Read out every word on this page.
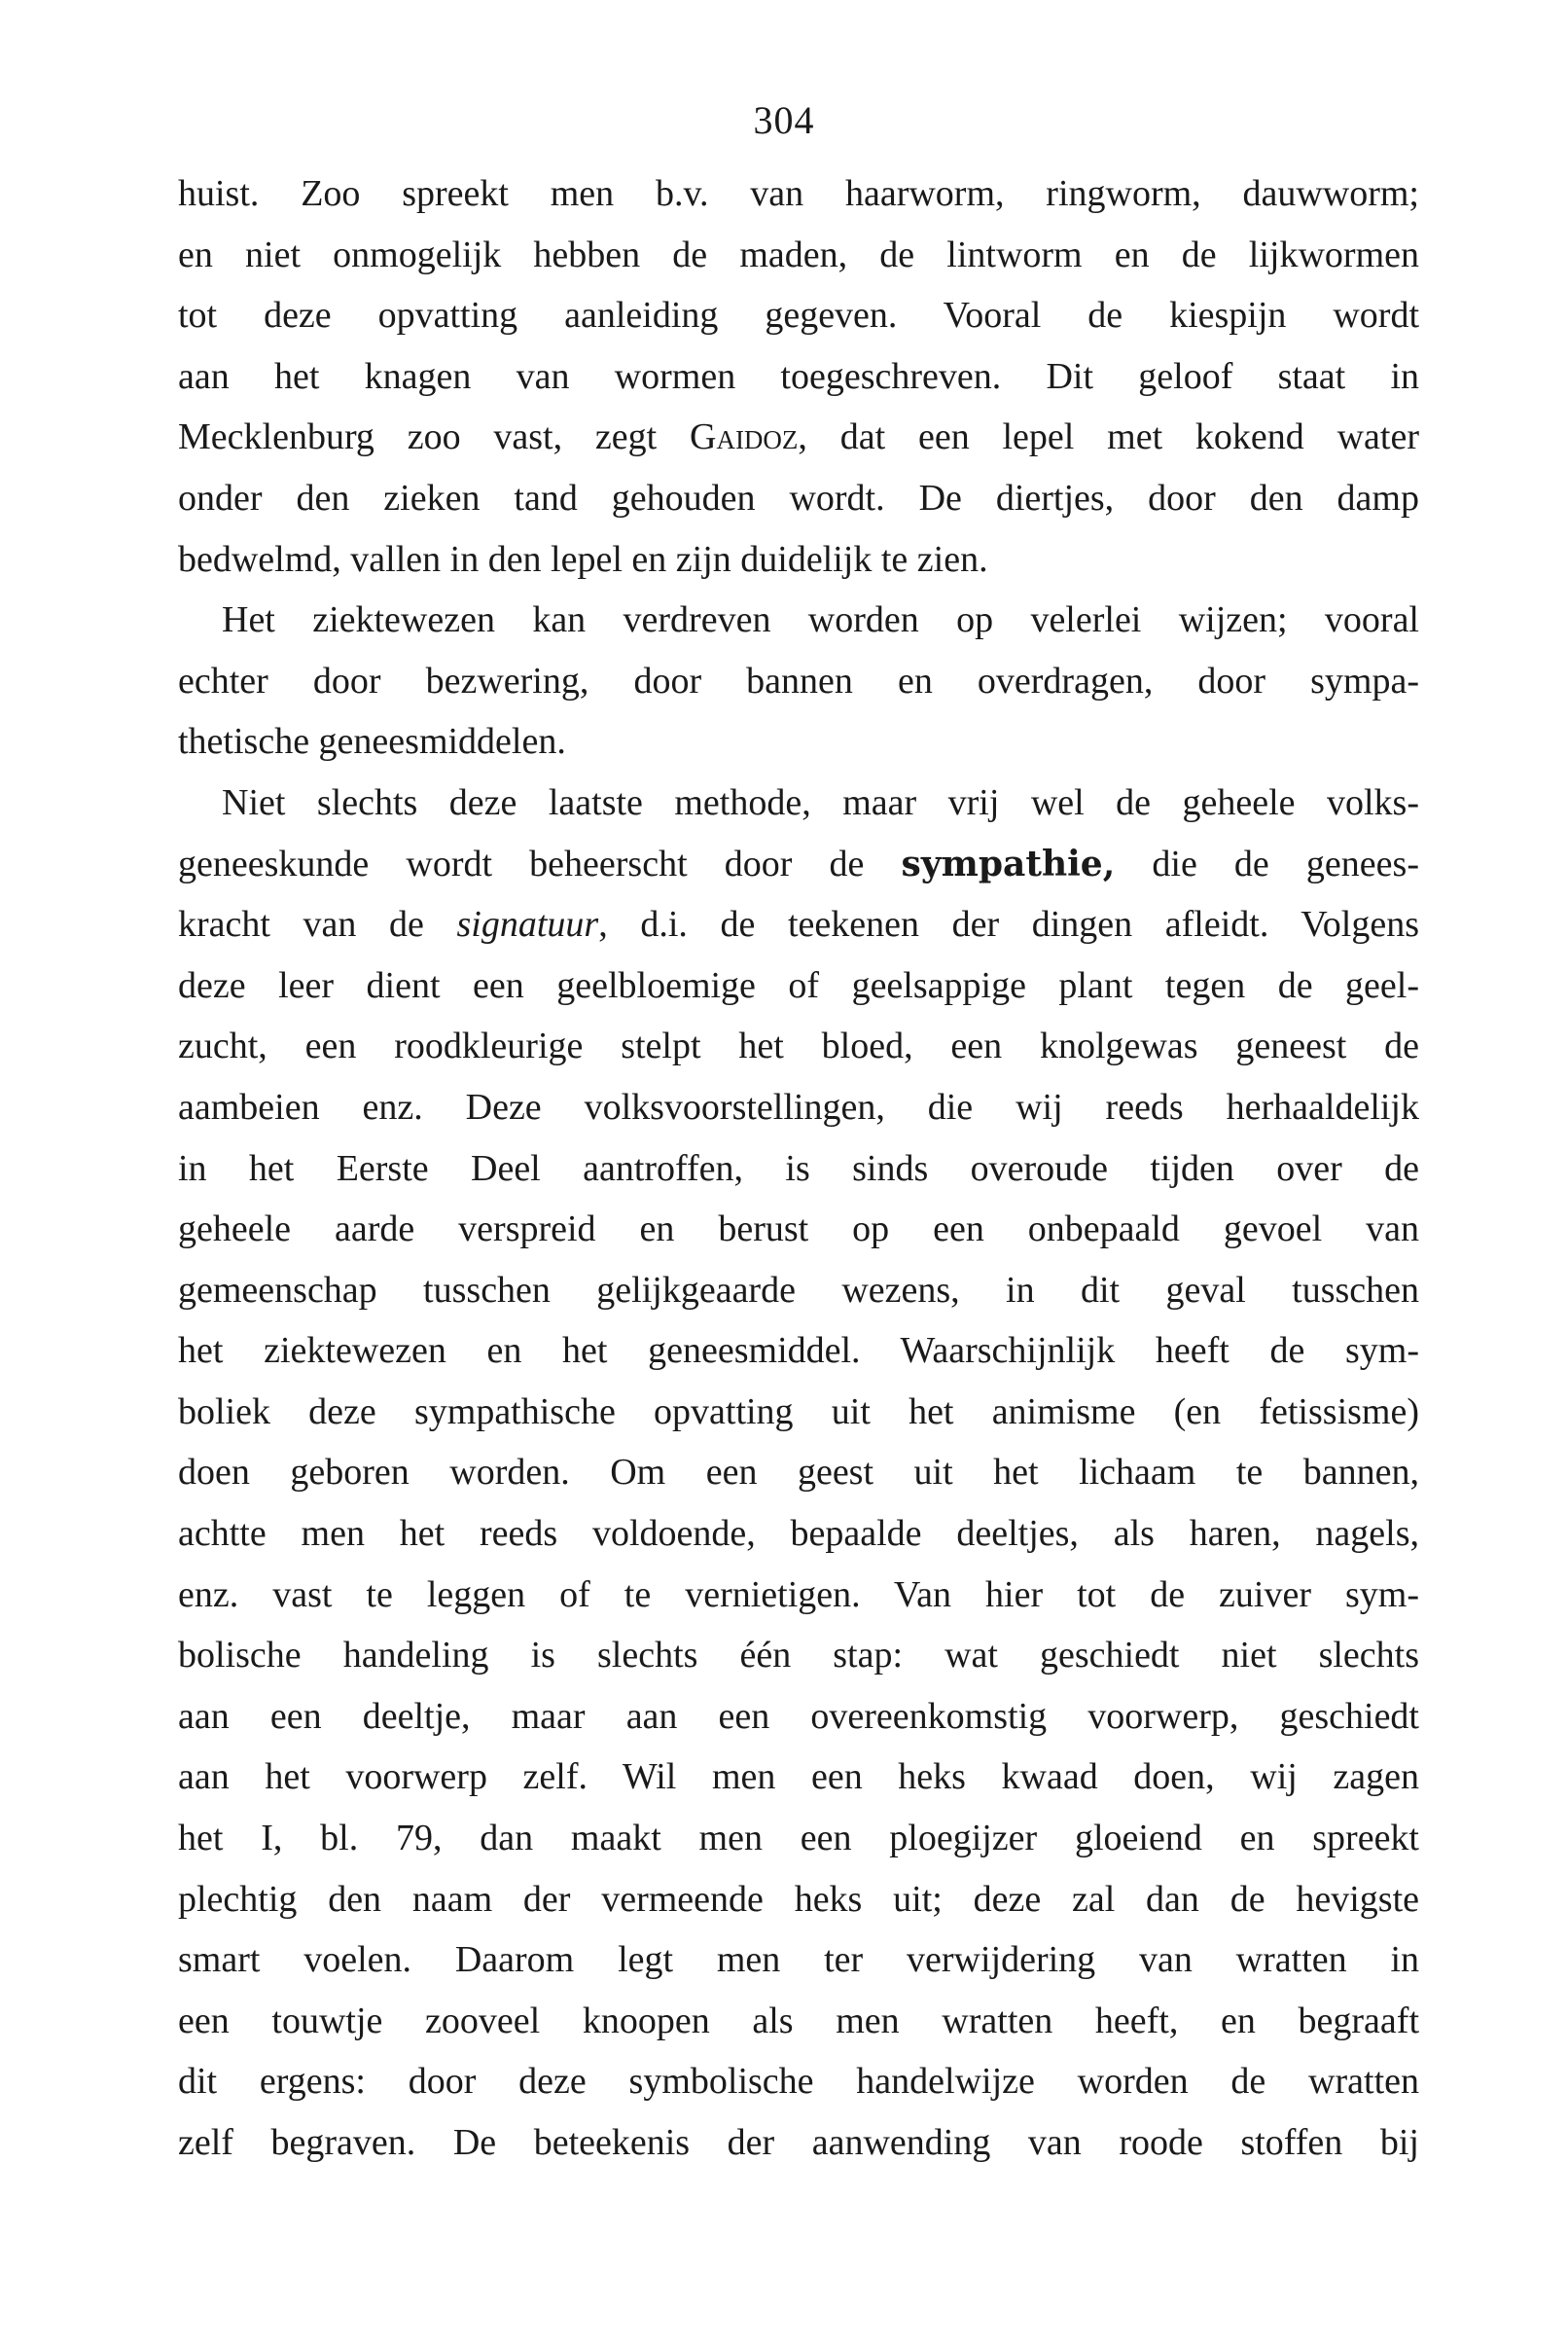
304
huist. Zoo spreekt men b.v. van haarworm, ringworm, dauwworm;
en niet onmogelijk hebben de maden, de lintworm en de lijkwormen
tot deze opvatting aanleiding gegeven. Vooral de kiespijn wordt
aan het knagen van wormen toegeschreven. Dit geloof staat in
Mecklenburg zoo vast, zegt Gaidoz, dat een lepel met kokend water
onder den zieken tand gehouden wordt. De diertjes, door den damp
bedwelmd, vallen in den lepel en zijn duidelijk te zien.
Het ziektewezen kan verdreven worden op velerlei wijzen; vooral
echter door bezwering, door bannen en overdragen, door sympa-
thetische geneesmiddelen.
Niet slechts deze laatste methode, maar vrij wel de geheele volks-
geneeskunde wordt beheerscht door de sympathie, die de genees-
kracht van de signatuur, d.i. de teekenen der dingen afleidt. Volgens
deze leer dient een geelbloemige of geelsappige plant tegen de geel-
zucht, een roodkleurige stelpt het bloed, een knolgewas geneest de
aambeien enz. Deze volksvoorstellingen, die wij reeds herhaaldelijk
in het Eerste Deel aantroffen, is sinds overoude tijden over de
geheele aarde verspreid en berust op een onbepaald gevoel van
gemeenschap tusschen gelijkgeaarde wezens, in dit geval tusschen
het ziektewezen en het geneesmiddel. Waarschijnlijk heeft de sym-
boliek deze sympathische opvatting uit het animisme (en fetissisme)
doen geboren worden. Om een geest uit het lichaam te bannen,
achtte men het reeds voldoende, bepaalde deeltjes, als haren, nagels,
enz. vast te leggen of te vernietigen. Van hier tot de zuiver sym-
bolische handeling is slechts één stap: wat geschiedt niet slechts
aan een deeltje, maar aan een overeenkomstig voorwerp, geschiedt
aan het voorwerp zelf. Wil men een heks kwaad doen, wij zagen
het I, bl. 79, dan maakt men een ploegijzer gloeiend en spreekt
plechtig den naam der vermeende heks uit; deze zal dan de hevigste
smart voelen. Daarom legt men ter verwijdering van wratten in
een touwtje zooveel knoopen als men wratten heeft, en begraaft
dit ergens: door deze symbolische handelwijze worden de wratten
zelf begraven. De beteekenis der aanwending van roode stoffen bij
